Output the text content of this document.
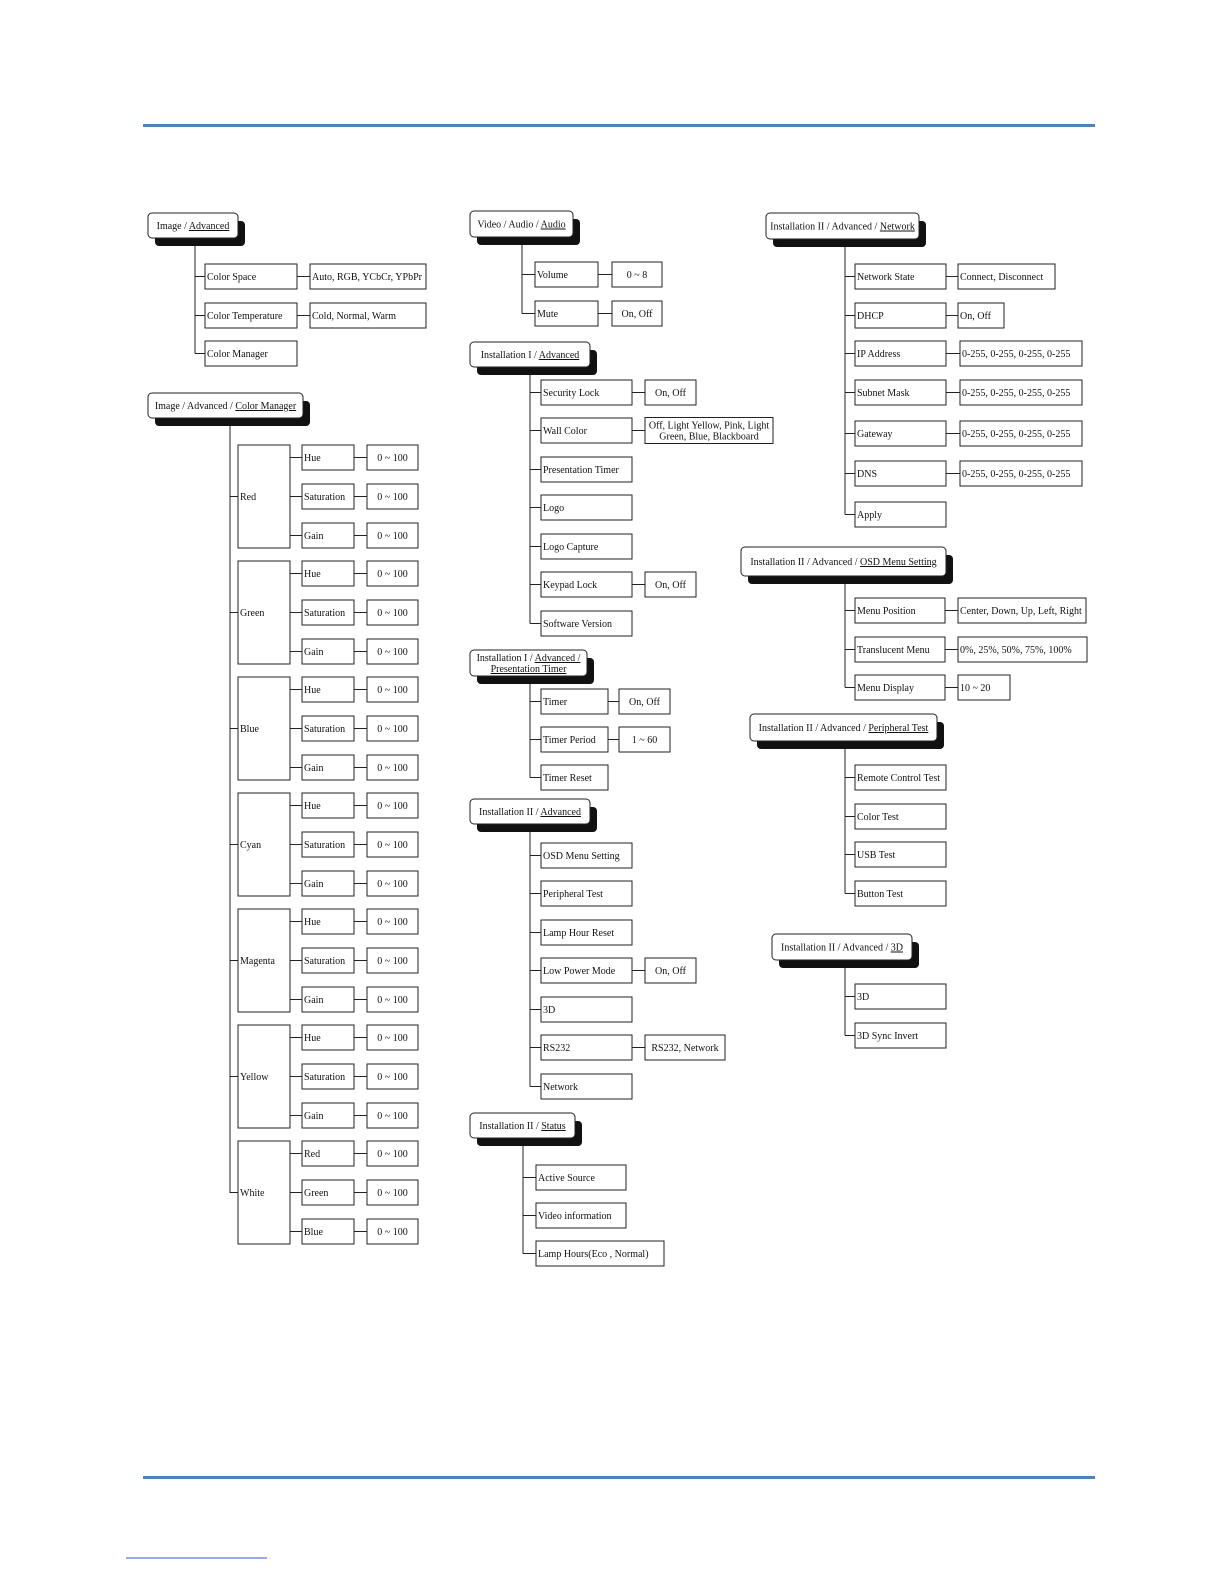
Image / Advanced
Color Space	Auto, RGB, YCbCr, YPbPr
Color Temperature	Cold, Normal, Warm
Color Manager
Image / Advanced / Color Manager
Red
Hue	0 ~ 100
Saturation	0 ~ 100
Gain	0 ~ 100
Green
Hue	0 ~ 100
Saturation	0 ~ 100
Gain	0 ~ 100
Blue
Hue	0 ~ 100
Saturation	0 ~ 100
Gain	0 ~ 100
Cyan
Hue	0 ~ 100
Saturation	0 ~ 100
Gain	0 ~ 100
Magenta
Hue	0 ~ 100
Saturation	0 ~ 100
Gain	0 ~ 100
Yellow
Hue	0 ~ 100
Saturation	0 ~ 100
Gain	0 ~ 100
White
Red	0 ~ 100
Green	0 ~ 100
Blue	0 ~ 100
Video / Audio / Audio
Volume	0 ~ 8
Mute	On, Off
Installation I / Advanced
Security Lock	On, Off
Wall Color	Off, Light Yellow, Pink, Light
Green, Blue, Blackboard
Presentation Timer
Logo
Logo Capture
Keypad Lock	On, Off
Software Version
Installation I / Advanced /
Presentation Timer
Timer	On, Off
Timer Period	1 ~ 60
Timer Reset
Installation II / Advanced
OSD Menu Setting
Peripheral Test
Lamp Hour Reset
Low Power Mode	On, Off
3D
RS232	RS232, Network
Network
Installation II / Status
Active Source
Video information
Lamp Hours(Eco , Normal)
Installation II / Advanced / Network
Network State	Connect, Disconnect
DHCP	On, Off
IP Address	0-255, 0-255, 0-255, 0-255
Subnet Mask	0-255, 0-255, 0-255, 0-255
Gateway	0-255, 0-255, 0-255, 0-255
DNS	0-255, 0-255, 0-255, 0-255
Apply
Installation II / Advanced / OSD Menu Setting
Menu Position	Center, Down, Up, Left, Right
Translucent Menu	0%, 25%, 50%, 75%, 100%
Menu Display	10 ~ 20
Installation II / Advanced / Peripheral Test
Remote Control Test
Color Test
USB Test
Button Test
Installation II / Advanced / 3D
3D
3D Sync Invert
